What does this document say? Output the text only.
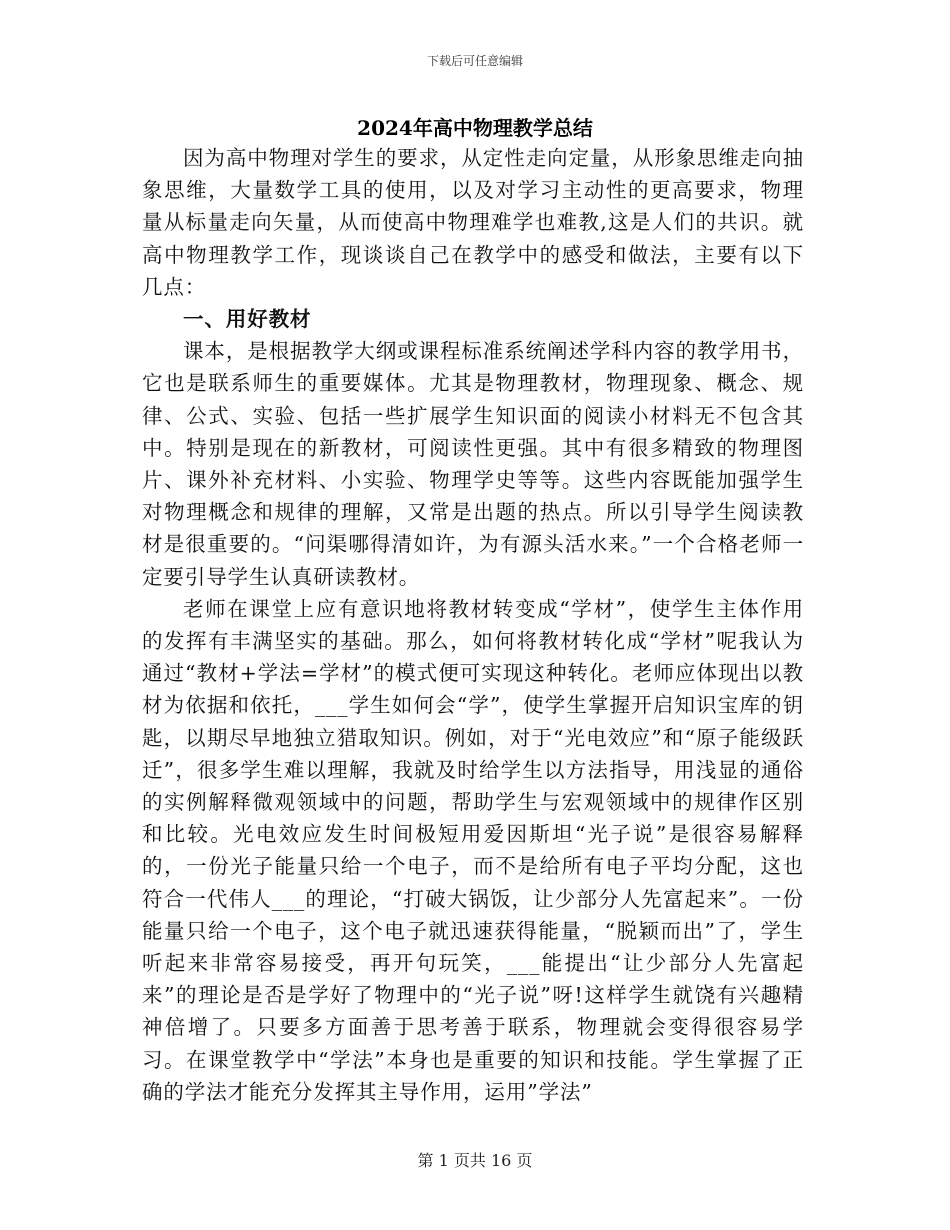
下载后可任意编辑
2024年高中物理教学总结

因为高中物理对学生的要求，从定性走向定量，从形象思维走向抽象思维，大量数学工具的使用，以及对学习主动性的更高要求，物理量从标量走向矢量，从而使高中物理难学也难教,这是人们的共识。就高中物理教学工作，现谈谈自己在教学中的感受和做法，主要有以下几点：

一、用好教材

课本，是根据教学大纲或课程标准系统阐述学科内容的教学用书，它也是联系师生的重要媒体。尤其是物理教材，物理现象、概念、规律、公式、实验、包括一些扩展学生知识面的阅读小材料无不包含其中。特别是现在的新教材，可阅读性更强。其中有很多精致的物理图片、课外补充材料、小实验、物理学史等等。这些内容既能加强学生对物理概念和规律的理解，又常是出题的热点。所以引导学生阅读教材是很重要的。“问渠哪得清如许，为有源头活水来。”一个合格老师一定要引导学生认真研读教材。

老师在课堂上应有意识地将教材转变成“学材”，使学生主体作用的发挥有丰满坚实的基础。那么，如何将教材转化成“学材”呢我认为通过“教材+学法=学材”的模式便可实现这种转化。老师应体现出以教材为依据和依托，___学生如何会“学”，使学生掌握开启知识宝库的钥匙，以期尽早地独立猎取知识。例如，对于“光电效应”和“原子能级跃迁”，很多学生难以理解，我就及时给学生以方法指导，用浅显的通俗的实例解释微观领域中的问题，帮助学生与宏观领域中的规律作区别和比较。光电效应发生时间极短用爱因斯坦“光子说”是很容易解释的，一份光子能量只给一个电子，而不是给所有电子平均分配，这也符合一代伟人___的理论，“打破大锅饭，让少部分人先富起来”。一份能量只给一个电子，这个电子就迅速获得能量，“脱颖而出”了，学生听起来非常容易接受，再开句玩笑，___能提出“让少部分人先富起来”的理论是否是学好了物理中的“光子说”呀!这样学生就饶有兴趣精神倍增了。只要多方面善于思考善于联系，物理就会变得很容易学习。在课堂教学中“学法”本身也是重要的知识和技能。学生掌握了正确的学法才能充分发挥其主导作用，运用”学法”

第 1 页共 16 页
